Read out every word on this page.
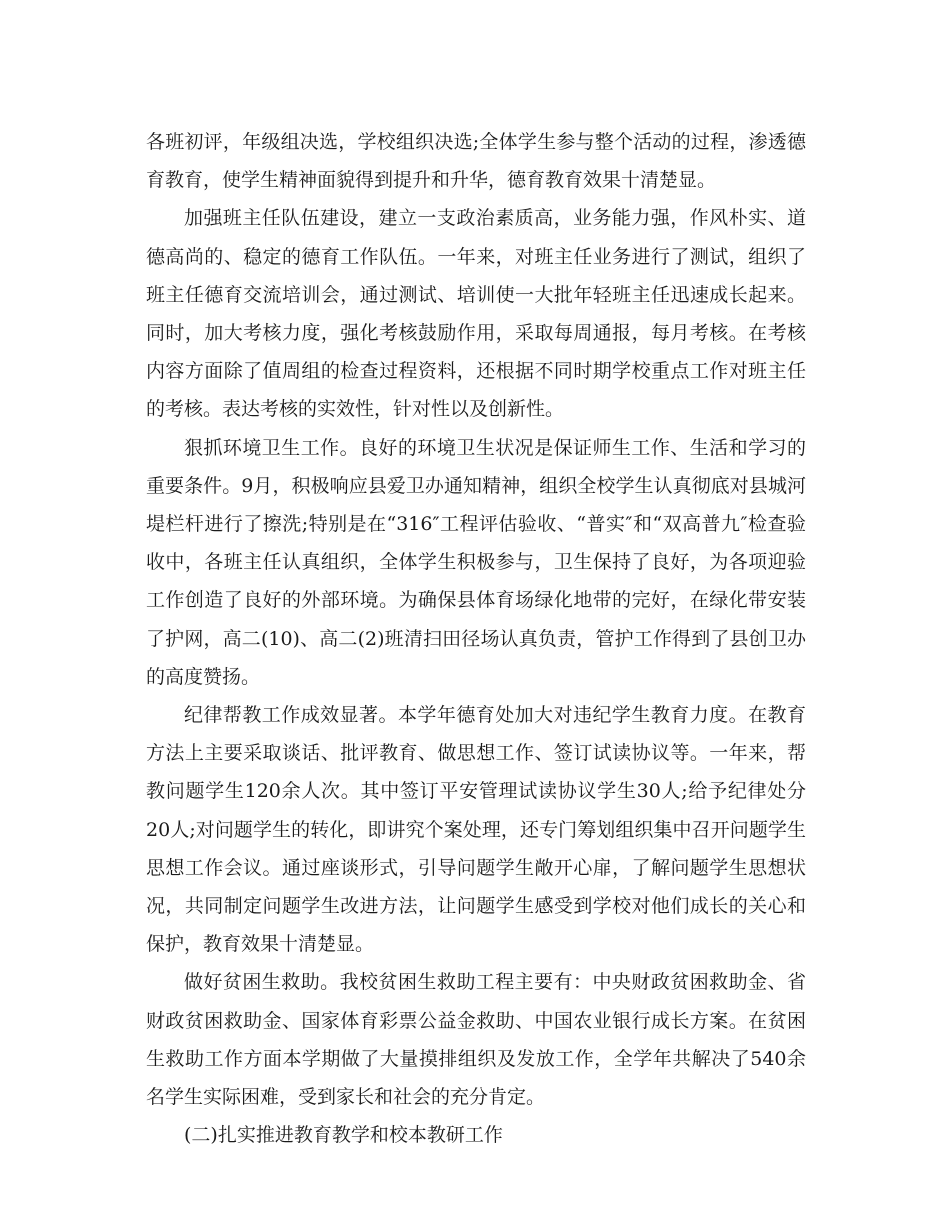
各班初评，年级组决选，学校组织决选;全体学生参与整个活动的过程，渗透德育教育，使学生精神面貌得到提升和升华，德育教育效果十清楚显。

加强班主任队伍建设，建立一支政治素质高，业务能力强，作风朴实、道德高尚的、稳定的德育工作队伍。一年来，对班主任业务进行了测试，组织了班主任德育交流培训会，通过测试、培训使一大批年轻班主任迅速成长起来。同时，加大考核力度，强化考核鼓励作用，采取每周通报，每月考核。在考核内容方面除了值周组的检查过程资料，还根据不同时期学校重点工作对班主任的考核。表达考核的实效性，针对性以及创新性。

狠抓环境卫生工作。良好的环境卫生状况是保证师生工作、生活和学习的重要条件。9月，积极响应县爱卫办通知精神，组织全校学生认真彻底对县城河堤栏杆进行了擦洗;特别是在“316″工程评估验收、“普实″和“双高普九″检查验收中，各班主任认真组织，全体学生积极参与，卫生保持了良好，为各项迎验工作创造了良好的外部环境。为确保县体育场绿化地带的完好，在绿化带安装了护网，高二(10)、高二(2)班清扫田径场认真负责，管护工作得到了县创卫办的高度赞扬。

纪律帮教工作成效显著。本学年德育处加大对违纪学生教育力度。在教育方法上主要采取谈话、批评教育、做思想工作、签订试读协议等。一年来，帮教问题学生120余人次。其中签订平安管理试读协议学生30人;给予纪律处分20人;对问题学生的转化，即讲究个案处理，还专门筹划组织集中召开问题学生思想工作会议。通过座谈形式，引导问题学生敞开心扉，了解问题学生思想状况，共同制定问题学生改进方法，让问题学生感受到学校对他们成长的关心和保护，教育效果十清楚显。

做好贫困生救助。我校贫困生救助工程主要有：中央财政贫困救助金、省财政贫困救助金、国家体育彩票公益金救助、中国农业银行成长方案。在贫困生救助工作方面本学期做了大量摸排组织及发放工作，全学年共解决了540余名学生实际困难，受到家长和社会的充分肯定。

(二)扎实推进教育教学和校本教研工作
